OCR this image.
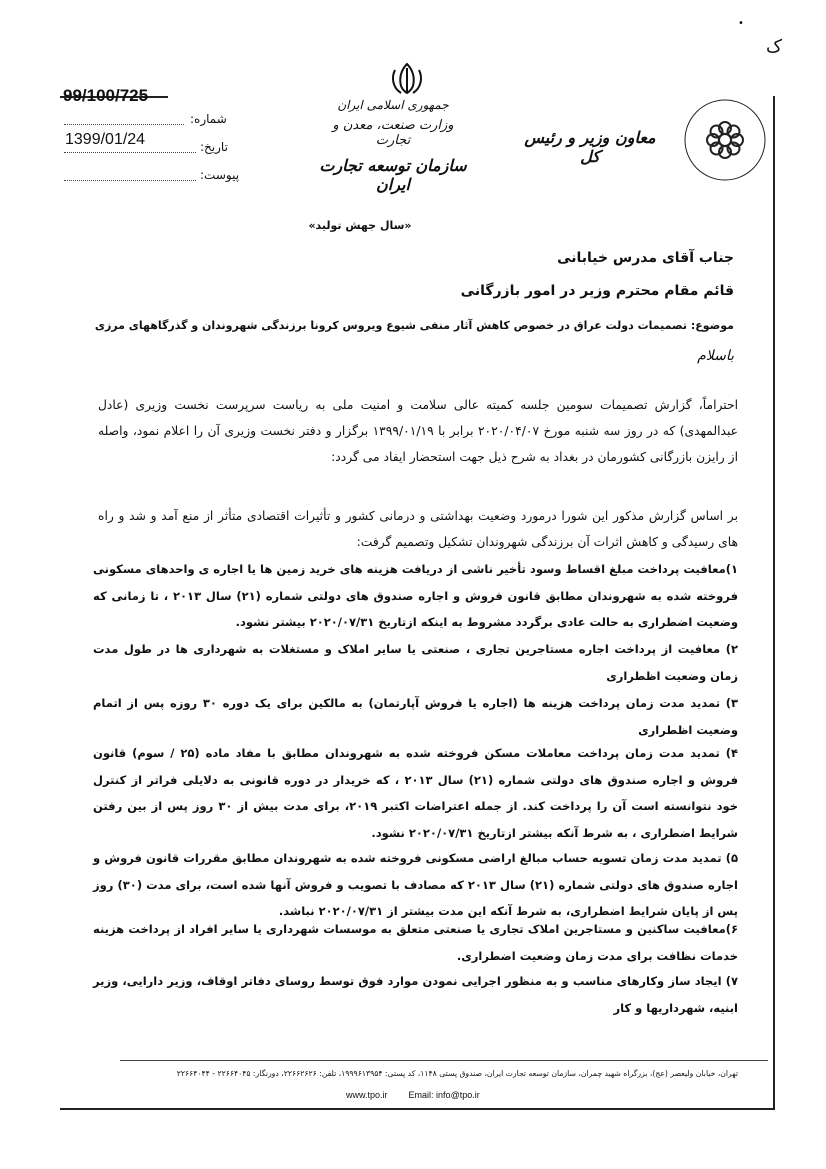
•
ک
99/100/725
شماره:
تاریخ:
1399/01/24
پیوست:
جمهوری اسلامی ایران
وزارت صنعت، معدن و تجارت
سازمان توسعه تجارت ایران
معاون وزیر و رئیس کل
«سال جهش تولید»
جناب آقای مدرس خیابانی
قائم مقام محترم وزیر در امور بازرگانی
موضوع: تصمیمات دولت عراق در خصوص کاهش آثار منفی شیوع ویروس کرونا برزندگی شهروندان و گذرگاههای مرزی
باسلام
احتراماً، گزارش تصمیمات سومین جلسه کمیته عالی سلامت و امنیت ملی به ریاست سرپرست نخست وزیری (عادل عبدالمهدی) که در روز سه شنبه مورخ ۲۰۲۰/۰۴/۰۷ برابر با ۱۳۹۹/۰۱/۱۹ برگزار و دفتر نخست وزیری آن را اعلام نمود، واصله از رایزن بازرگانی کشورمان در بغداد به شرح ذیل جهت استحضار ایفاد می گردد:
بر اساس گزارش مذکور این شورا درمورد وضعیت بهداشتی و درمانی کشور و تأثیرات اقتصادی متأثر از منع آمد و شد و راه های رسیدگی و کاهش اثرات آن برزندگی شهروندان تشکیل وتصمیم گرفت:
۱)معافیت پرداخت مبلغ اقساط وسود تأخیر ناشی از دریافت هزینه های خرید زمین ها یا اجاره ی واحدهای مسکونی فروخته شده به شهروندان مطابق قانون فروش و اجاره صندوق های دولتی شماره (۲۱) سال ۲۰۱۳ ، تا زمانی که وضعیت اضطراری به حالت عادی برگردد مشروط به اینکه ازتاریخ ۲۰۲۰/۰۷/۳۱ بیشتر نشود.
۲) معافیت از پرداخت اجاره مستاجرین تجاری ، صنعتی یا سایر املاک و مستغلات به شهرداری ها در طول مدت زمان وضعیت اظطراری
۳) تمدید مدت زمان پرداخت هزینه ها (اجاره یا فروش آپارتمان) به مالکین برای یک دوره ۳۰ روزه پس از اتمام وضعیت اظطراری
۴) تمدید مدت زمان پرداخت معاملات مسکن فروخته شده به شهروندان مطابق با مفاد ماده (۲۵ / سوم) قانون فروش و اجاره صندوق های دولتی شماره (۲۱) سال ۲۰۱۳ ، که خریدار در دوره قانونی به دلایلی فراتر از کنترل خود نتوانسته است آن را پرداخت کند. از جمله اعتراضات اکتبر ۲۰۱۹، برای مدت بیش از ۳۰ روز پس از بین رفتن شرایط اضطراری ، به شرط آنکه بیشتر ازتاریخ ۲۰۲۰/۰۷/۳۱ نشود.
۵) تمدید مدت زمان تسویه حساب مبالغ اراضی مسکونی فروخته شده به شهروندان مطابق مقررات قانون فروش و اجاره صندوق های دولتی شماره (۲۱) سال ۲۰۱۳ که مصادف با تصویب و فروش آنها شده است، برای مدت (۳۰) روز پس از پایان شرایط اضطراری، به شرط آنکه این مدت بیشتر از ۲۰۲۰/۰۷/۳۱ نباشد.
۶)معافیت ساکنین و مستاجرین املاک تجاری یا صنعتی متعلق به موسسات شهرداری یا سایر افراد از پرداخت هزینه خدمات نظافت برای مدت زمان وضعیت اضطراری.
۷) ایجاد ساز وکارهای مناسب و به منظور اجرایی نمودن موارد فوق توسط روسای دفاتر اوقاف، وزیر دارایی، وزیر ابنیه، شهرداریها و کار
تهران، خیابان ولیعصر (عج)، بزرگراه شهید چمران، سازمان توسعه تجارت ایران، صندوق پستی ۱۱۴۸، کد پستی: ۱۹۹۹۶۱۳۹۵۴، تلفن: ۲۲۶۶۲۶۲۶، دورنگار: ۲۲۶۶۴۰۴۵ - ۲۲۶۶۴۰۴۴
www.tpo.ir Email: info@tpo.ir
